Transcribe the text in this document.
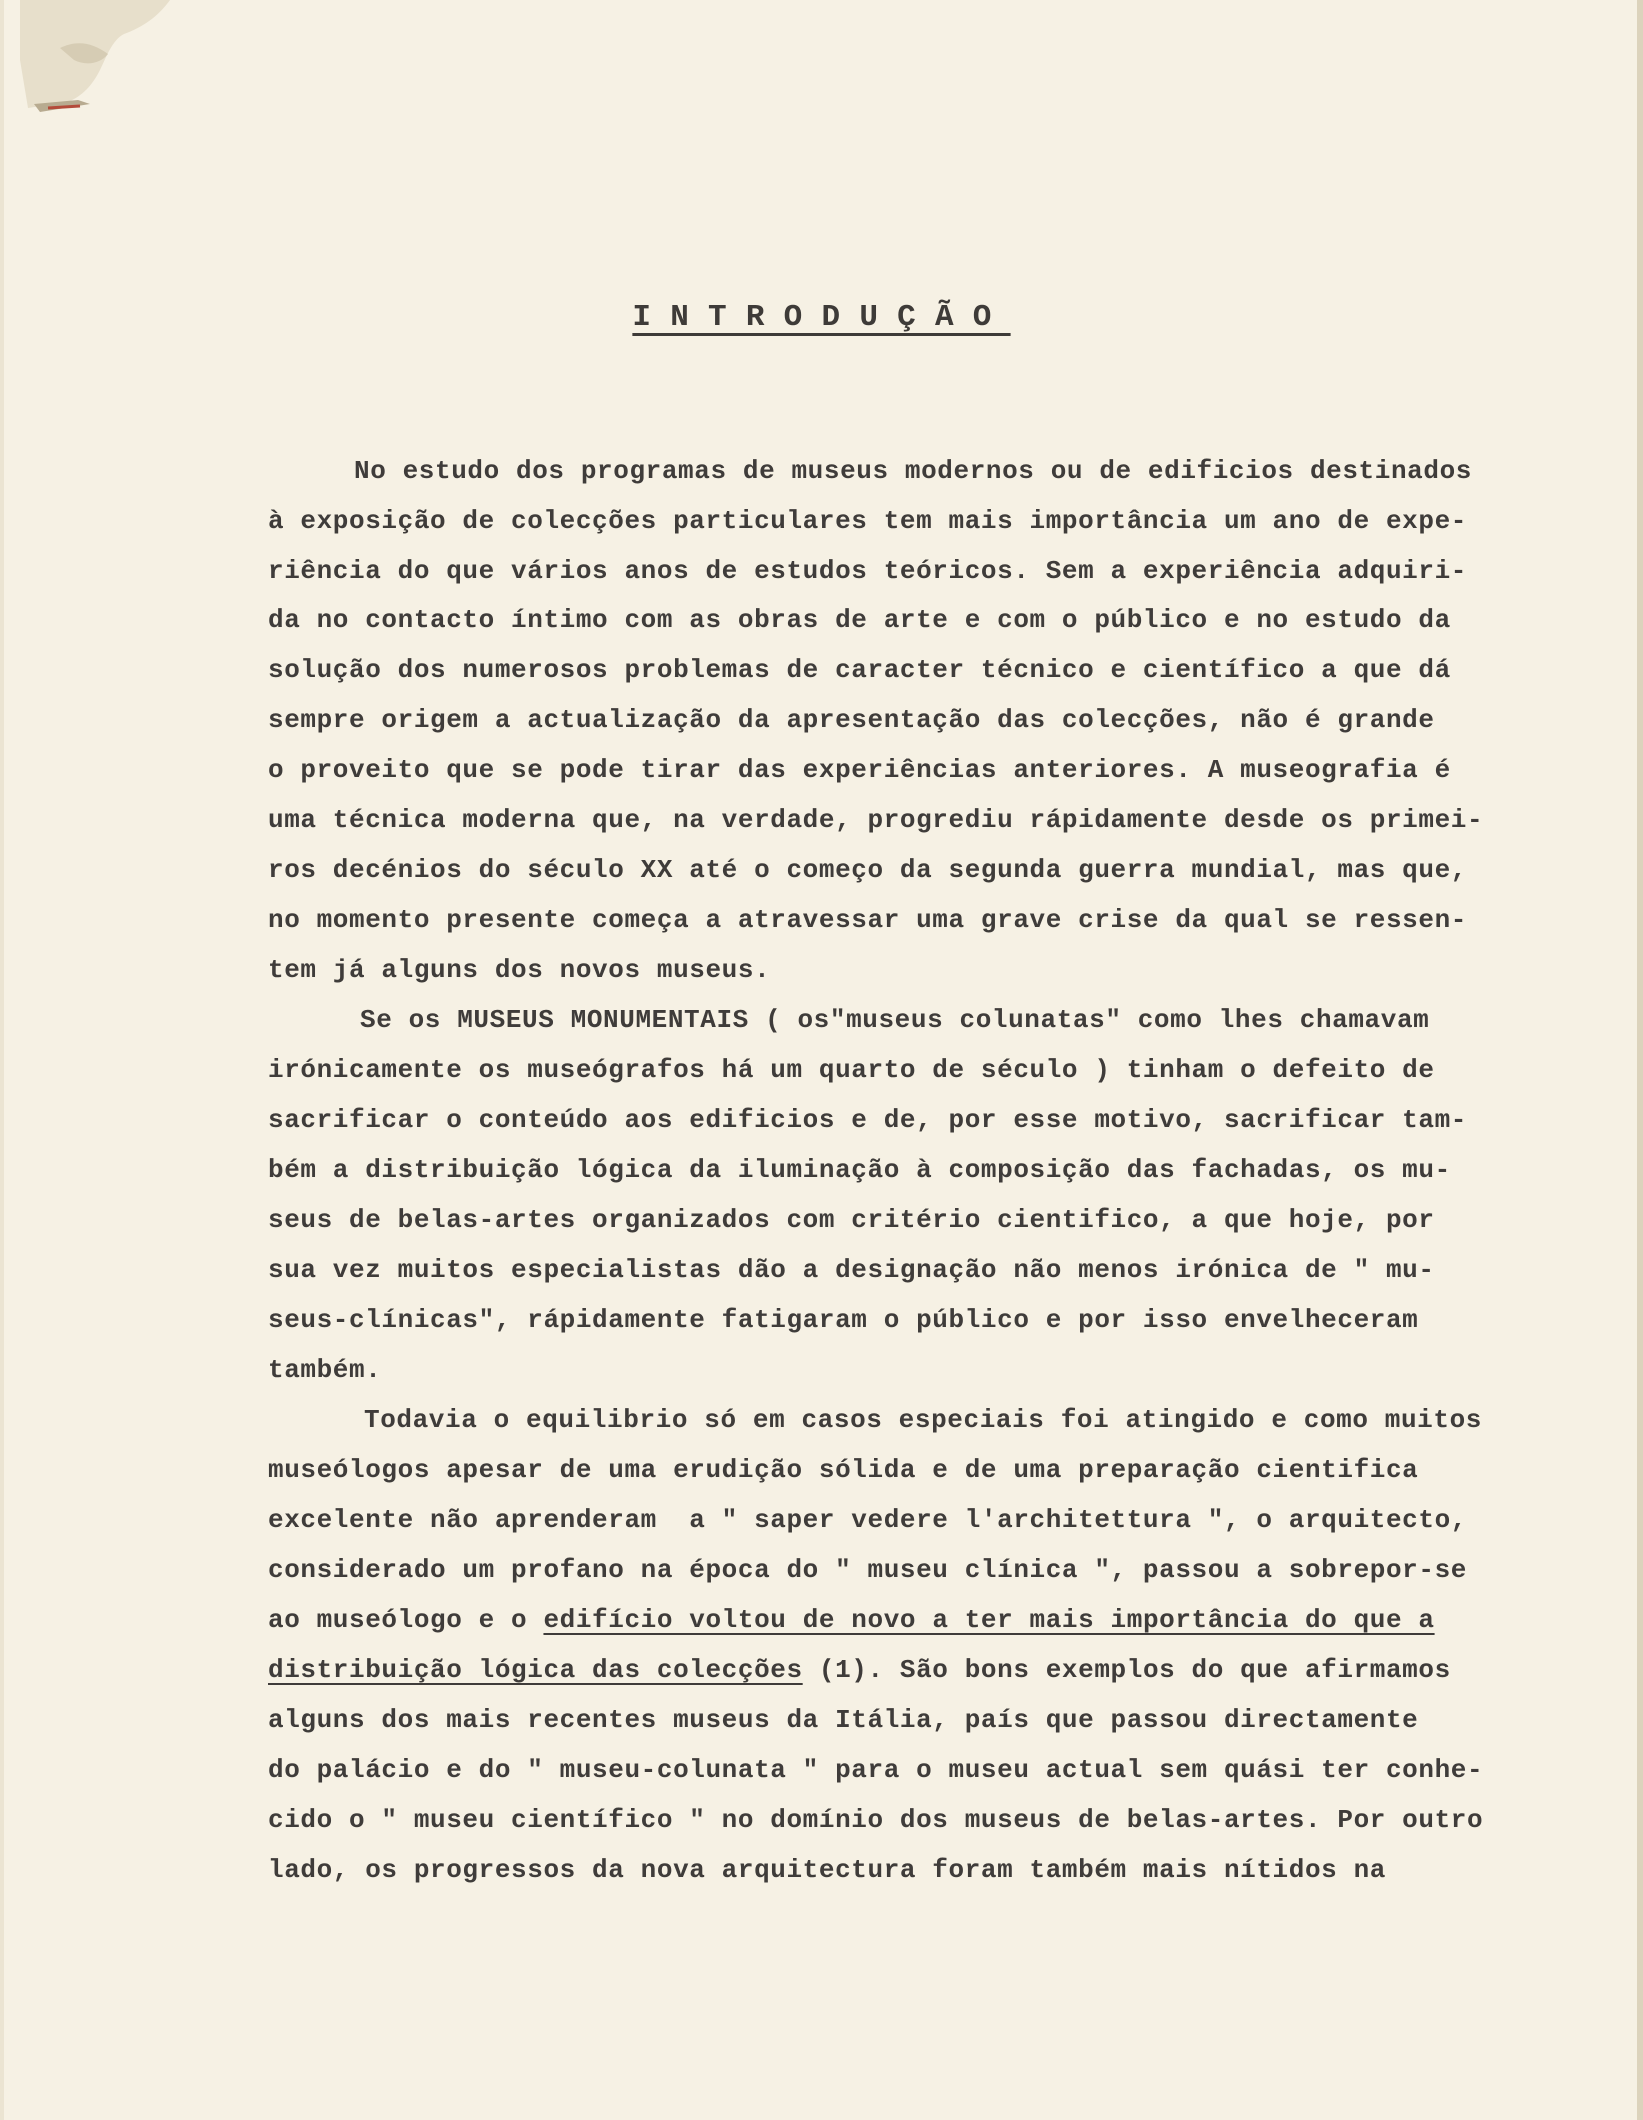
INTRODUÇÃO
No estudo dos programas de museus modernos ou de edificios destinados
à exposição de colecções particulares tem mais importância um ano de expe-
riência do que vários anos de estudos teóricos. Sem a experiência adquiri-
da no contacto íntimo com as obras de arte e com o público e no estudo da
solução dos numerosos problemas de caracter técnico e científico a que dá
sempre origem a actualização da apresentação das colecções, não é grande
o proveito que se pode tirar das experiências anteriores. A museografia é
uma técnica moderna que, na verdade, progrediu rápidamente desde os primei-
ros decénios do século XX até o começo da segunda guerra mundial, mas que,
no momento presente começa a atravessar uma grave crise da qual se ressen-
tem já alguns dos novos museus.
Se os MUSEUS MONUMENTAIS ( os"museus colunatas" como lhes chamavam
irónicamente os museógrafos há um quarto de século ) tinham o defeito de
sacrificar o conteúdo aos edificios e de, por esse motivo, sacrificar tam-
bém a distribuição lógica da iluminação à composição das fachadas, os mu-
seus de belas-artes organizados com critério cientifico, a que hoje, por
sua vez muitos especialistas dão a designação não menos irónica de " mu-
seus-clínicas", rápidamente fatigaram o público e por isso envelheceram
também.
Todavia o equilibrio só em casos especiais foi atingido e como muitos
museólogos apesar de uma erudição sólida e de uma preparação cientifica
excelente não aprenderam  a " saper vedere l'architettura ", o arquitecto,
considerado um profano na época do " museu clínica ", passou a sobrepor-se
ao museólogo e o edifício voltou de novo a ter mais importância do que a
distribuição lógica das colecções (1). São bons exemplos do que afirmamos
alguns dos mais recentes museus da Itália, país que passou directamente
do palácio e do " museu-colunata " para o museu actual sem quási ter conhe-
cido o " museu científico " no domínio dos museus de belas-artes. Por outro
lado, os progressos da nova arquitectura foram também mais nítidos na
